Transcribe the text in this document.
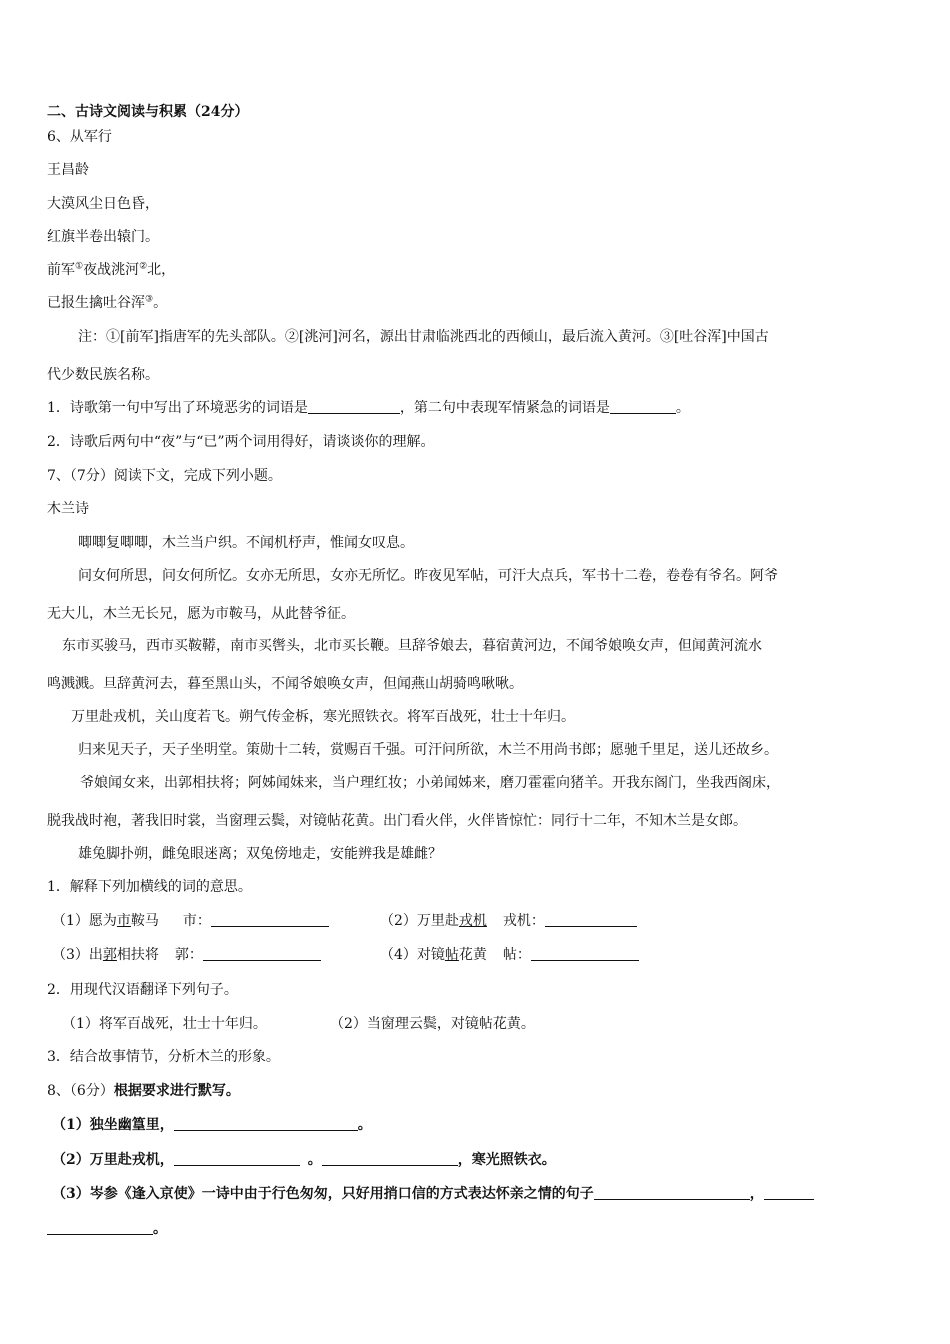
二、古诗文阅读与积累（24分）
6、从军行
王昌龄
大漠风尘日色昏，
红旗半卷出辕门。
前军①夜战洮河②北，
已报生擒吐谷浑③。
注：①[前军]指唐军的先头部队。②[洮河]河名，源出甘肃临洮西北的西倾山，最后流入黄河。③[吐谷浑]中国古
代少数民族名称。
1．诗歌第一句中写出了环境恶劣的词语是	，第二句中表现军情紧急的词语是	。
2．诗歌后两句中“夜”与“已”两个词用得好，请谈谈你的理解。
7、（7分）阅读下文，完成下列小题。
木兰诗
唧唧复唧唧，木兰当户织。不闻机杼声，惟闻女叹息。
问女何所思，问女何所忆。女亦无所思，女亦无所忆。昨夜见军帖，可汗大点兵，军书十二卷，卷卷有爷名。阿爷
无大儿，木兰无长兄，愿为市鞍马，从此替爷征。
东市买骏马，西市买鞍鞯，南市买辔头，北市买长鞭。旦辞爷娘去，暮宿黄河边，不闻爷娘唤女声，但闻黄河流水
鸣溅溅。旦辞黄河去，暮至黑山头，不闻爷娘唤女声，但闻燕山胡骑鸣啾啾。
万里赴戎机，关山度若飞。朔气传金柝，寒光照铁衣。将军百战死，壮士十年归。
归来见天子，天子坐明堂。策勋十二转，赏赐百千强。可汗问所欲，木兰不用尚书郎；愿驰千里足，送儿还故乡。
爷娘闻女来，出郭相扶将；阿姊闻妹来，当户理红妆；小弟闻姊来，磨刀霍霍向猪羊。开我东阁门，坐我西阁床，
脱我战时袍，著我旧时裳，当窗理云鬓，对镜帖花黄。出门看火伴，火伴皆惊忙：同行十二年，不知木兰是女郎。
雄兔脚扑朔，雌兔眼迷离；双兔傍地走，安能辨我是雄雌？
1．解释下列加横线的词的意思。
（1）愿为市鞍马 市：	（2）万里赴戎机 戎机：
（3）出郭相扶将 郭：	（4）对镜帖花黄 帖：
2．用现代汉语翻译下列句子。
（1）将军百战死，壮士十年归。	（2）当窗理云鬓，对镜帖花黄。
3．结合故事情节，分析木兰的形象。
8、（6分）根据要求进行默写。
（1）独坐幽篁里，	。
（2）万里赴戎机，	。	，寒光照铁衣。
（3）岑参《逢入京使》一诗中由于行色匆匆，只好用捎口信的方式表达怀亲之情的句子	，
。
